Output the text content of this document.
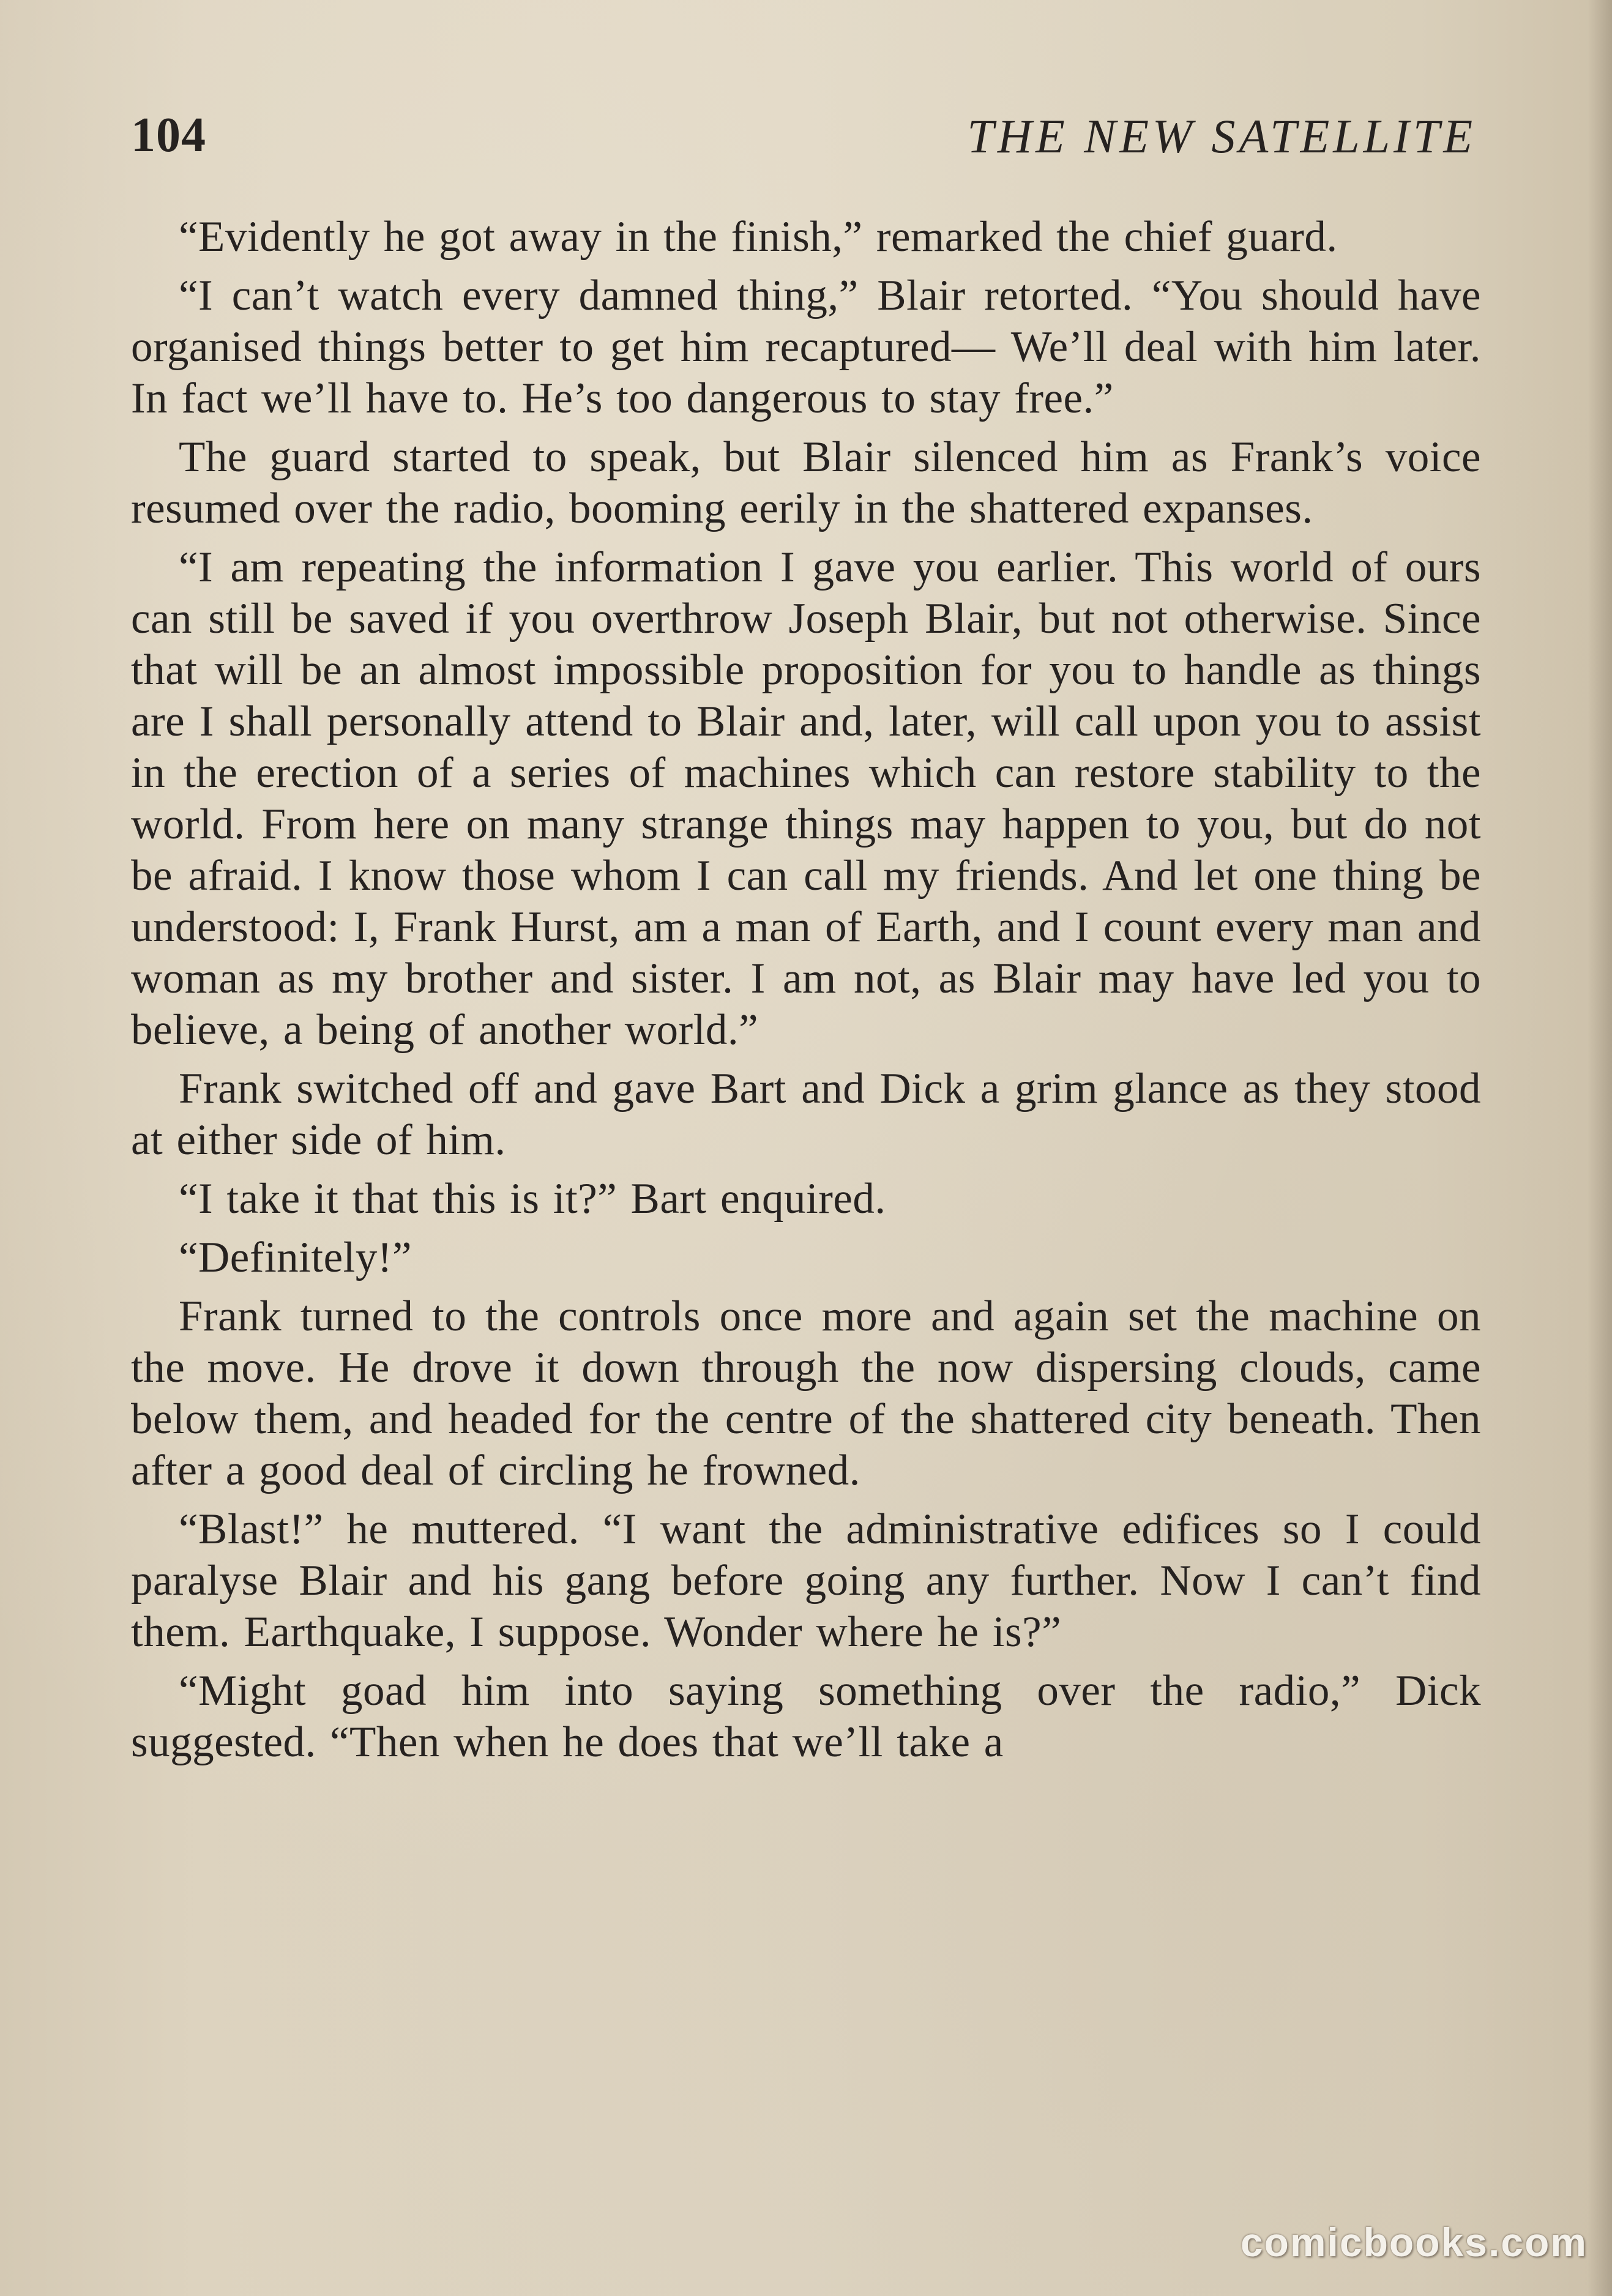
104	THE NEW SATELLITE

“Evidently he got away in the finish,” remarked the chief guard.

“I can’t watch every damned thing,” Blair retorted. “You should have organised things better to get him recaptured— We’ll deal with him later. In fact we’ll have to. He’s too dangerous to stay free.”

The guard started to speak, but Blair silenced him as Frank’s voice resumed over the radio, booming eerily in the shattered expanses.

“I am repeating the information I gave you earlier. This world of ours can still be saved if you overthrow Joseph Blair, but not otherwise. Since that will be an almost impossible proposition for you to handle as things are I shall personally attend to Blair and, later, will call upon you to assist in the erection of a series of machines which can restore stability to the world. From here on many strange things may happen to you, but do not be afraid. I know those whom I can call my friends. And let one thing be understood: I, Frank Hurst, am a man of Earth, and I count every man and woman as my brother and sister. I am not, as Blair may have led you to believe, a being of another world.”

Frank switched off and gave Bart and Dick a grim glance as they stood at either side of him.

“I take it that this is it?” Bart enquired.

“Definitely!”

Frank turned to the controls once more and again set the machine on the move. He drove it down through the now dispersing clouds, came below them, and headed for the centre of the shattered city beneath. Then after a good deal of circling he frowned.

“Blast!” he muttered. “I want the administrative edifices so I could paralyse Blair and his gang before going any further. Now I can’t find them. Earthquake, I suppose. Wonder where he is?”

“Might goad him into saying something over the radio,” Dick suggested. “Then when he does that we’ll take a

comicbooks.com
